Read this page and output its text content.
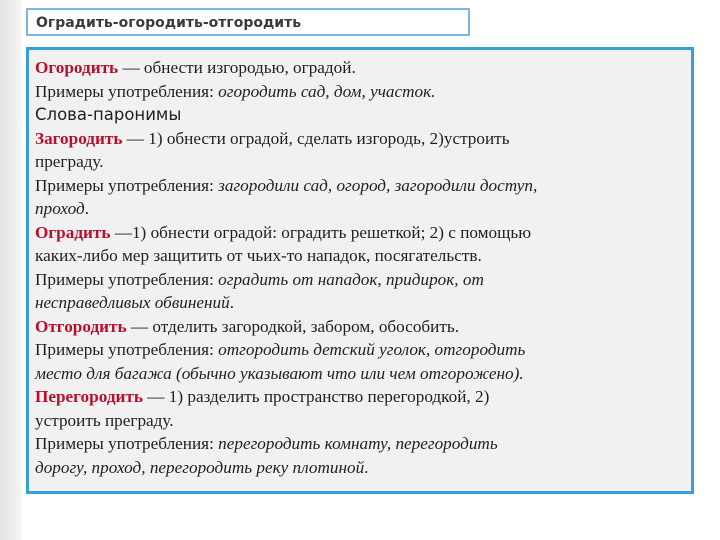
Оградить-огородить-отгородить
Огородить — обнести изгородью, оградой.
Примеры употребления: огородить сад, дом, участок.
Слова-паронимы
Загородить — 1) обнести оградой, сделать изгородь, 2)устроить
преграду.
Примеры употребления: загородили сад, огород, загородили доступ,
проход.
Оградить —1) обнести оградой: оградить решеткой; 2) с помощью
каких-либо мер защитить от чьих-то нападок, посягательств.
Примеры употребления: оградить от нападок, придирок, от
несправедливых обвинений.
Отгородить — отделить загородкой, забором, обособить.
Примеры употребления: отгородить детский уголок, отгородить
место для багажа (обычно указывают что или чем отгорожено).
Перегородить — 1) разделить пространство перегородкой, 2)
устроить преграду.
Примеры употребления: перегородить комнату, перегородить
дорогу, проход, перегородить реку плотиной.
